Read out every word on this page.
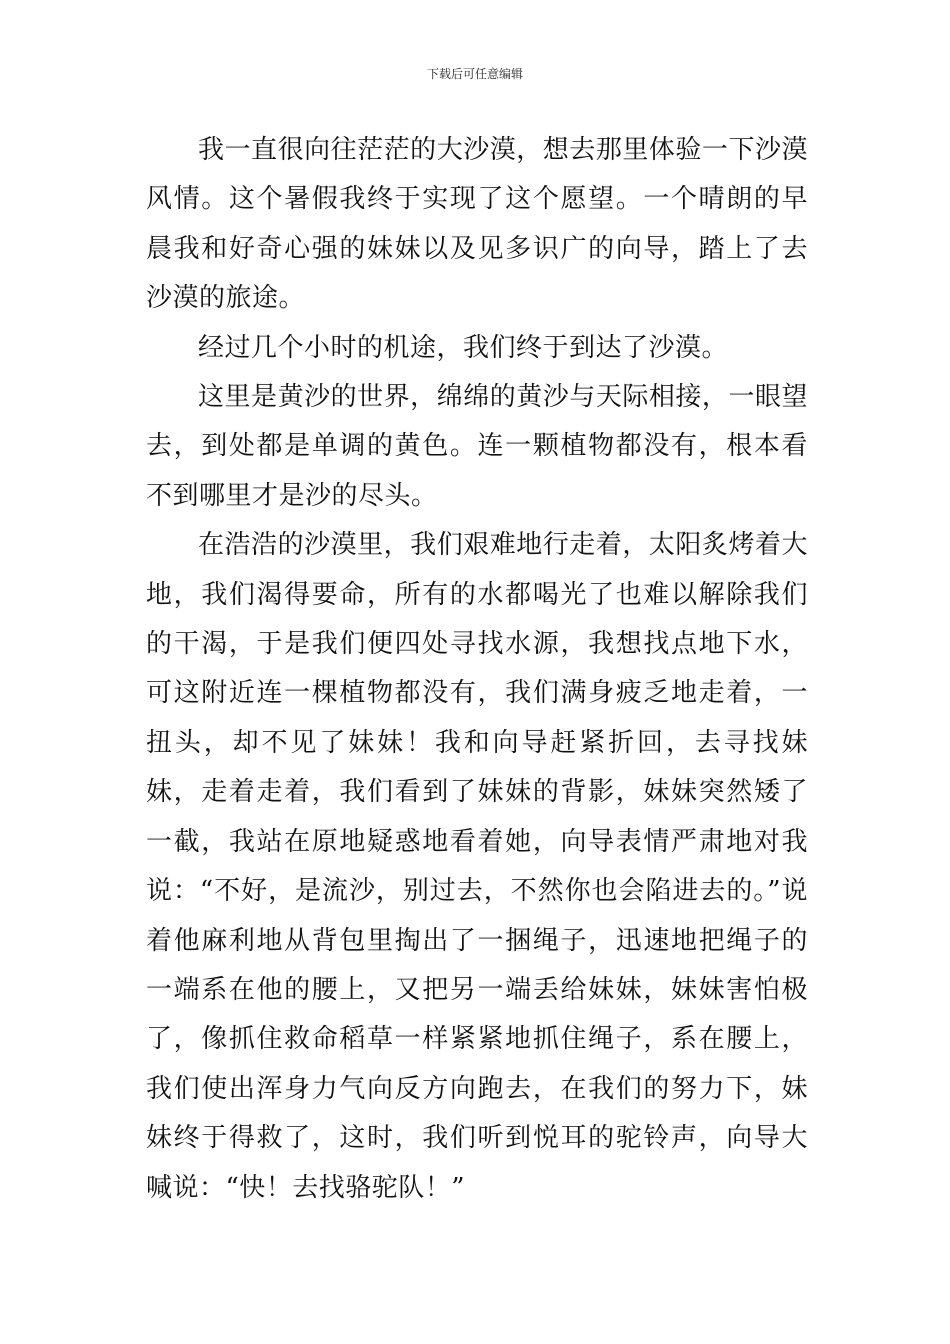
下载后可任意编辑

我一直很向往茫茫的大沙漠，想去那里体验一下沙漠风情。这个暑假我终于实现了这个愿望。一个晴朗的早晨我和好奇心强的妹妹以及见多识广的向导，踏上了去沙漠的旅途。

经过几个小时的机途，我们终于到达了沙漠。

这里是黄沙的世界，绵绵的黄沙与天际相接，一眼望去，到处都是单调的黄色。连一颗植物都没有，根本看不到哪里才是沙的尽头。

在浩浩的沙漠里，我们艰难地行走着，太阳炙烤着大地，我们渴得要命，所有的水都喝光了也难以解除我们的干渴，于是我们便四处寻找水源，我想找点地下水，可这附近连一棵植物都没有，我们满身疲乏地走着，一扭头，却不见了妹妹！我和向导赶紧折回，去寻找妹妹，走着走着，我们看到了妹妹的背影，妹妹突然矮了一截，我站在原地疑惑地看着她，向导表情严肃地对我说：“不好，是流沙，别过去，不然你也会陷进去的。”说着他麻利地从背包里掏出了一捆绳子，迅速地把绳子的一端系在他的腰上，又把另一端丢给妹妹，妹妹害怕极了，像抓住救命稻草一样紧紧地抓住绳子，系在腰上，我们使出浑身力气向反方向跑去，在我们的努力下，妹妹终于得救了，这时，我们听到悦耳的驼铃声，向导大喊说：“快！去找骆驼队！”
